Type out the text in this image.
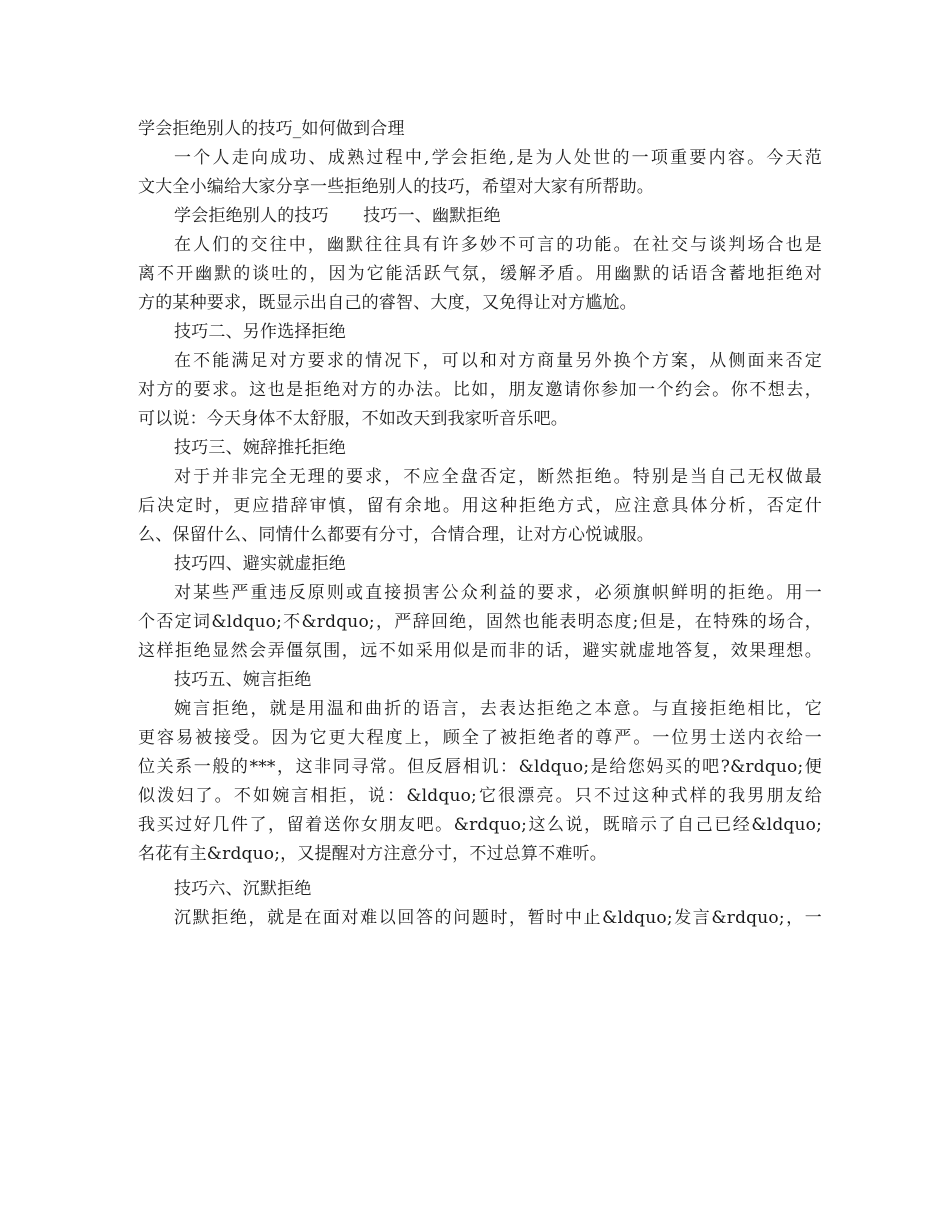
学会拒绝别人的技巧_如何做到合理
一个人走向成功、成熟过程中,学会拒绝,是为人处世的一项重要内容。今天范
文大全小编给大家分享一些拒绝别人的技巧，希望对大家有所帮助。
学会拒绝别人的技巧　　技巧一、幽默拒绝
在人们的交往中，幽默往往具有许多妙不可言的功能。在社交与谈判场合也是
离不开幽默的谈吐的，因为它能活跃气氛，缓解矛盾。用幽默的话语含蓄地拒绝对
方的某种要求，既显示出自己的睿智、大度，又免得让对方尴尬。
技巧二、另作选择拒绝
在不能满足对方要求的情况下，可以和对方商量另外换个方案，从侧面来否定
对方的要求。这也是拒绝对方的办法。比如，朋友邀请你参加一个约会。你不想去，
可以说：今天身体不太舒服，不如改天到我家听音乐吧。
技巧三、婉辞推托拒绝
对于并非完全无理的要求，不应全盘否定，断然拒绝。特别是当自己无权做最
后决定时，更应措辞审慎，留有余地。用这种拒绝方式，应注意具体分析，否定什
么、保留什么、同情什么都要有分寸，合情合理，让对方心悦诚服。
技巧四、避实就虚拒绝
对某些严重违反原则或直接损害公众利益的要求，必须旗帜鲜明的拒绝。用一
个否定词&ldquo;不&rdquo;，严辞回绝，固然也能表明态度;但是，在特殊的场合，
这样拒绝显然会弄僵氛围，远不如采用似是而非的话，避实就虚地答复，效果理想。
技巧五、婉言拒绝
婉言拒绝，就是用温和曲折的语言，去表达拒绝之本意。与直接拒绝相比，它
更容易被接受。因为它更大程度上，顾全了被拒绝者的尊严。一位男士送内衣给一
位关系一般的***，这非同寻常。但反唇相讥：&ldquo;是给您妈买的吧?&rdquo;便
似泼妇了。不如婉言相拒，说：&ldquo;它很漂亮。只不过这种式样的我男朋友给
我买过好几件了，留着送你女朋友吧。&rdquo;这么说，既暗示了自己已经&ldquo;
名花有主&rdquo;，又提醒对方注意分寸，不过总算不难听。
技巧六、沉默拒绝
沉默拒绝，就是在面对难以回答的问题时，暂时中止&ldquo;发言&rdquo;，一
